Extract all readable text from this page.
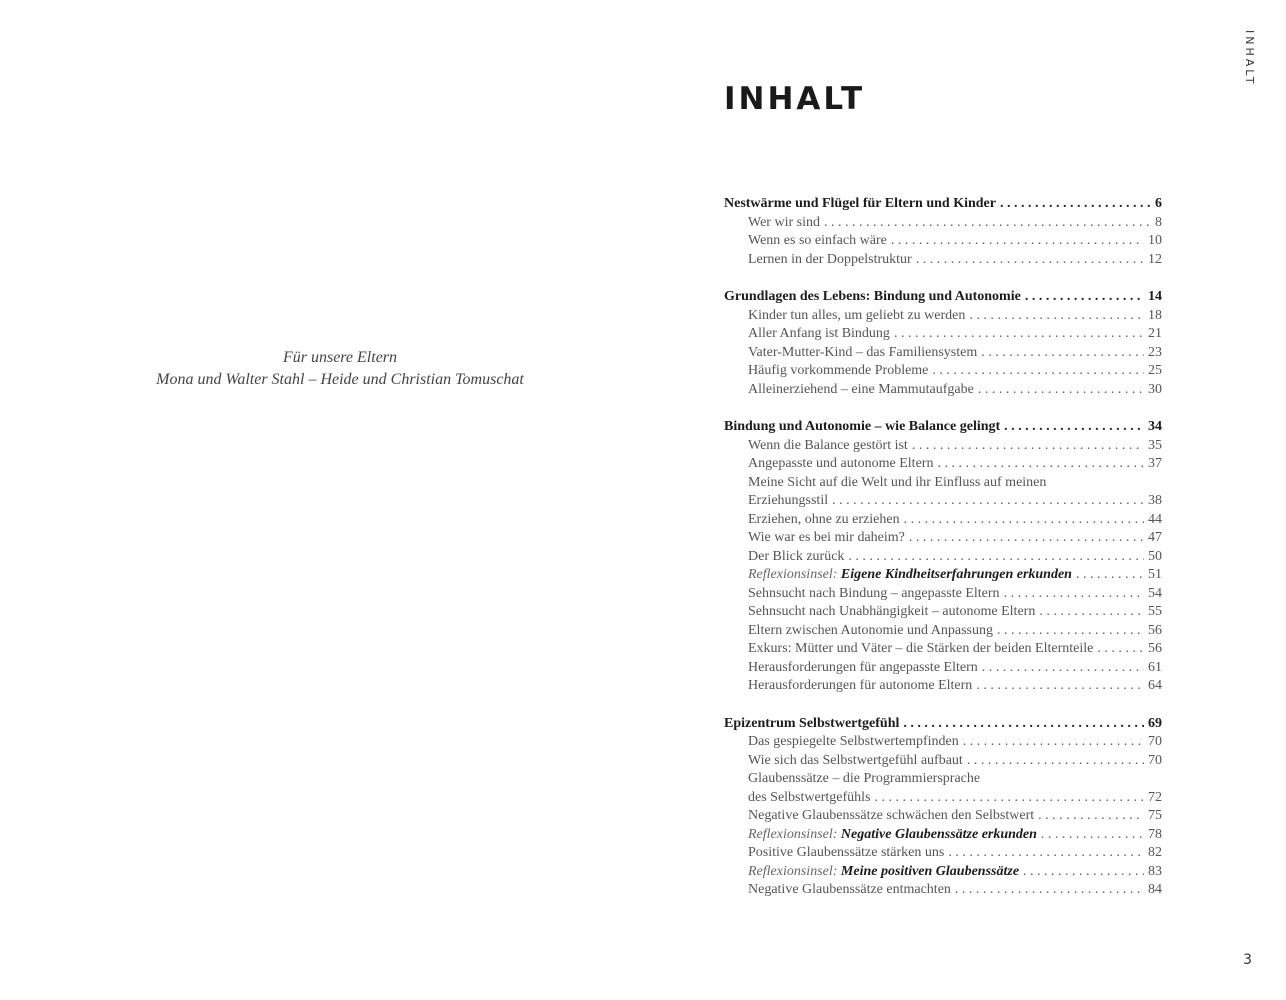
Für unsere Eltern
Mona und Walter Stahl – Heide und Christian Tomuschat
INHALT
INHALT
Nestwärme und Flügel für Eltern und Kinder . . .	6
Wer wir sind . . .	8
Wenn es so einfach wäre . . .	10
Lernen in der Doppelstruktur . . .	12
Grundlagen des Lebens: Bindung und Autonomie . . .	14
Kinder tun alles, um geliebt zu werden . . .	18
Aller Anfang ist Bindung . . .	21
Vater-Mutter-Kind – das Familiensystem . . .	23
Häufig vorkommende Probleme . . .	25
Alleinerziehend – eine Mammutaufgabe . . .	30
Bindung und Autonomie – wie Balance gelingt . . .	34
Wenn die Balance gestört ist . . .	35
Angepasste und autonome Eltern . . .	37
Meine Sicht auf die Welt und ihr Einfluss auf meinen
Erziehungsstil . . .	38
Erziehen, ohne zu erziehen . . .	44
Wie war es bei mir daheim? . . .	47
Der Blick zurück . . .	50
Reflexionsinsel: Eigene Kindheitserfahrungen erkunden . . .	51
Sehnsucht nach Bindung – angepasste Eltern . . .	54
Sehnsucht nach Unabhängigkeit – autonome Eltern . . .	55
Eltern zwischen Autonomie und Anpassung . . .	56
Exkurs: Mütter und Väter – die Stärken der beiden Elternteile . . .	56
Herausforderungen für angepasste Eltern . . .	61
Herausforderungen für autonome Eltern . . .	64
Epizentrum Selbstwertgefühl . . .	69
Das gespiegelte Selbstwertempfinden . . .	70
Wie sich das Selbstwertgefühl aufbaut . . .	70
Glaubenssätze – die Programmiersprache
des Selbstwertgefühls . . .	72
Negative Glaubenssätze schwächen den Selbstwert . . .	75
Reflexionsinsel: Negative Glaubenssätze erkunden . . .	78
Positive Glaubenssätze stärken uns . . .	82
Reflexionsinsel: Meine positiven Glaubenssätze . . .	83
Negative Glaubenssätze entmachten . . .	84
3
